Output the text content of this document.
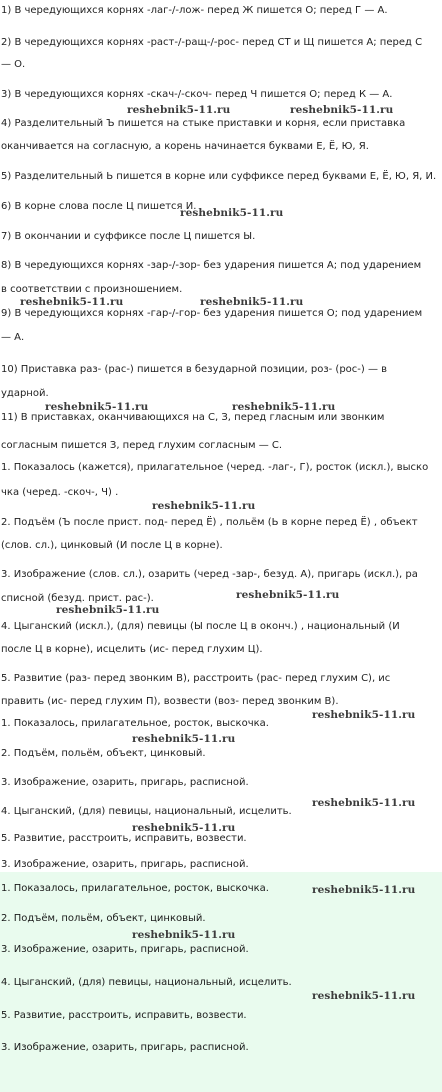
1) В чередующихся корнях -лаг-/-лож- перед Ж пишется О; перед Г — А.
2) В чередующихся корнях -раст-/-ращ-/-рос- перед СТ и Щ пишется А; перед С
— О.
3) В чередующихся корнях -скач-/-скоч- перед Ч пишется О; перед К — А.
4) Разделительный Ъ пишется на стыке приставки и корня, если приставка
оканчивается на согласную, а корень начинается буквами Е, Ё, Ю, Я.
5) Разделительный Ь пишется в корне или суффиксе перед буквами Е, Ё, Ю, Я, И.
6) В корне слова после Ц пишется И.
7) В окончании и суффиксе после Ц пишется Ы.
8) В чередующихся корнях -зар-/-зор- без ударения пишется А; под ударением
в соответствии с произношением.
9) В чередующихся корнях -гар-/-гор- без ударения пишется О; под ударением
— А.
10) Приставка раз- (рас-) пишется в безударной позиции, роз- (рос-) — в
ударной.
11) В приставках, оканчивающихся на С, З, перед гласным или звонким
согласным пишется З, перед глухим согласным — С.
1. Показалось (кажется), прилагательное (черед. -лаг-, Г), росток (искл.), выско
чка (черед. -скоч-, Ч) .
2. Подъём (Ъ после прист. под- перед Ё) , польём (Ь в корне перед Ё) , объект
(слов. сл.), цинковый (И после Ц в корне).
3. Изображение (слов. сл.), озарить (черед -зар-, безуд. А), пригарь (искл.), ра
списной (безуд. прист. рас-).
4. Цыганский (искл.), (для) певицы (Ы после Ц в оконч.) , национальный (И
после Ц в корне), исцелить (ис- перед глухим Ц).
5. Развитие (раз- перед звонким В), расстроить (рас- перед глухим С), ис
править (ис- перед глухим П), возвести (воз- перед звонким В).
1. Показалось, прилагательное, росток, выскочка.
2. Подъём, польём, объект, цинковый.
3. Изображение, озарить, пригарь, расписной.
4. Цыганский, (для) певицы, национальный, исцелить.
5. Развитие, расстроить, исправить, возвести.
3. Изображение, озарить, пригарь, расписной.
1. Показалось, прилагательное, росток, выскочка.
2. Подъём, польём, объект, цинковый.
3. Изображение, озарить, пригарь, расписной.
4. Цыганский, (для) певицы, национальный, исцелить.
5. Развитие, расстроить, исправить, возвести.
3. Изображение, озарить, пригарь, расписной.
reshebnik5-11.ru	reshebnik5-11.ru
reshebnik5-11.ru
reshebnik5-11.ru	reshebnik5-11.ru
reshebnik5-11.ru	reshebnik5-11.ru
reshebnik5-11.ru
reshebnik5-11.ru
reshebnik5-11.ru
reshebnik5-11.ru
reshebnik5-11.ru
reshebnik5-11.ru
reshebnik5-11.ru
reshebnik5-11.ru
reshebnik5-11.ru
reshebnik5-11.ru
